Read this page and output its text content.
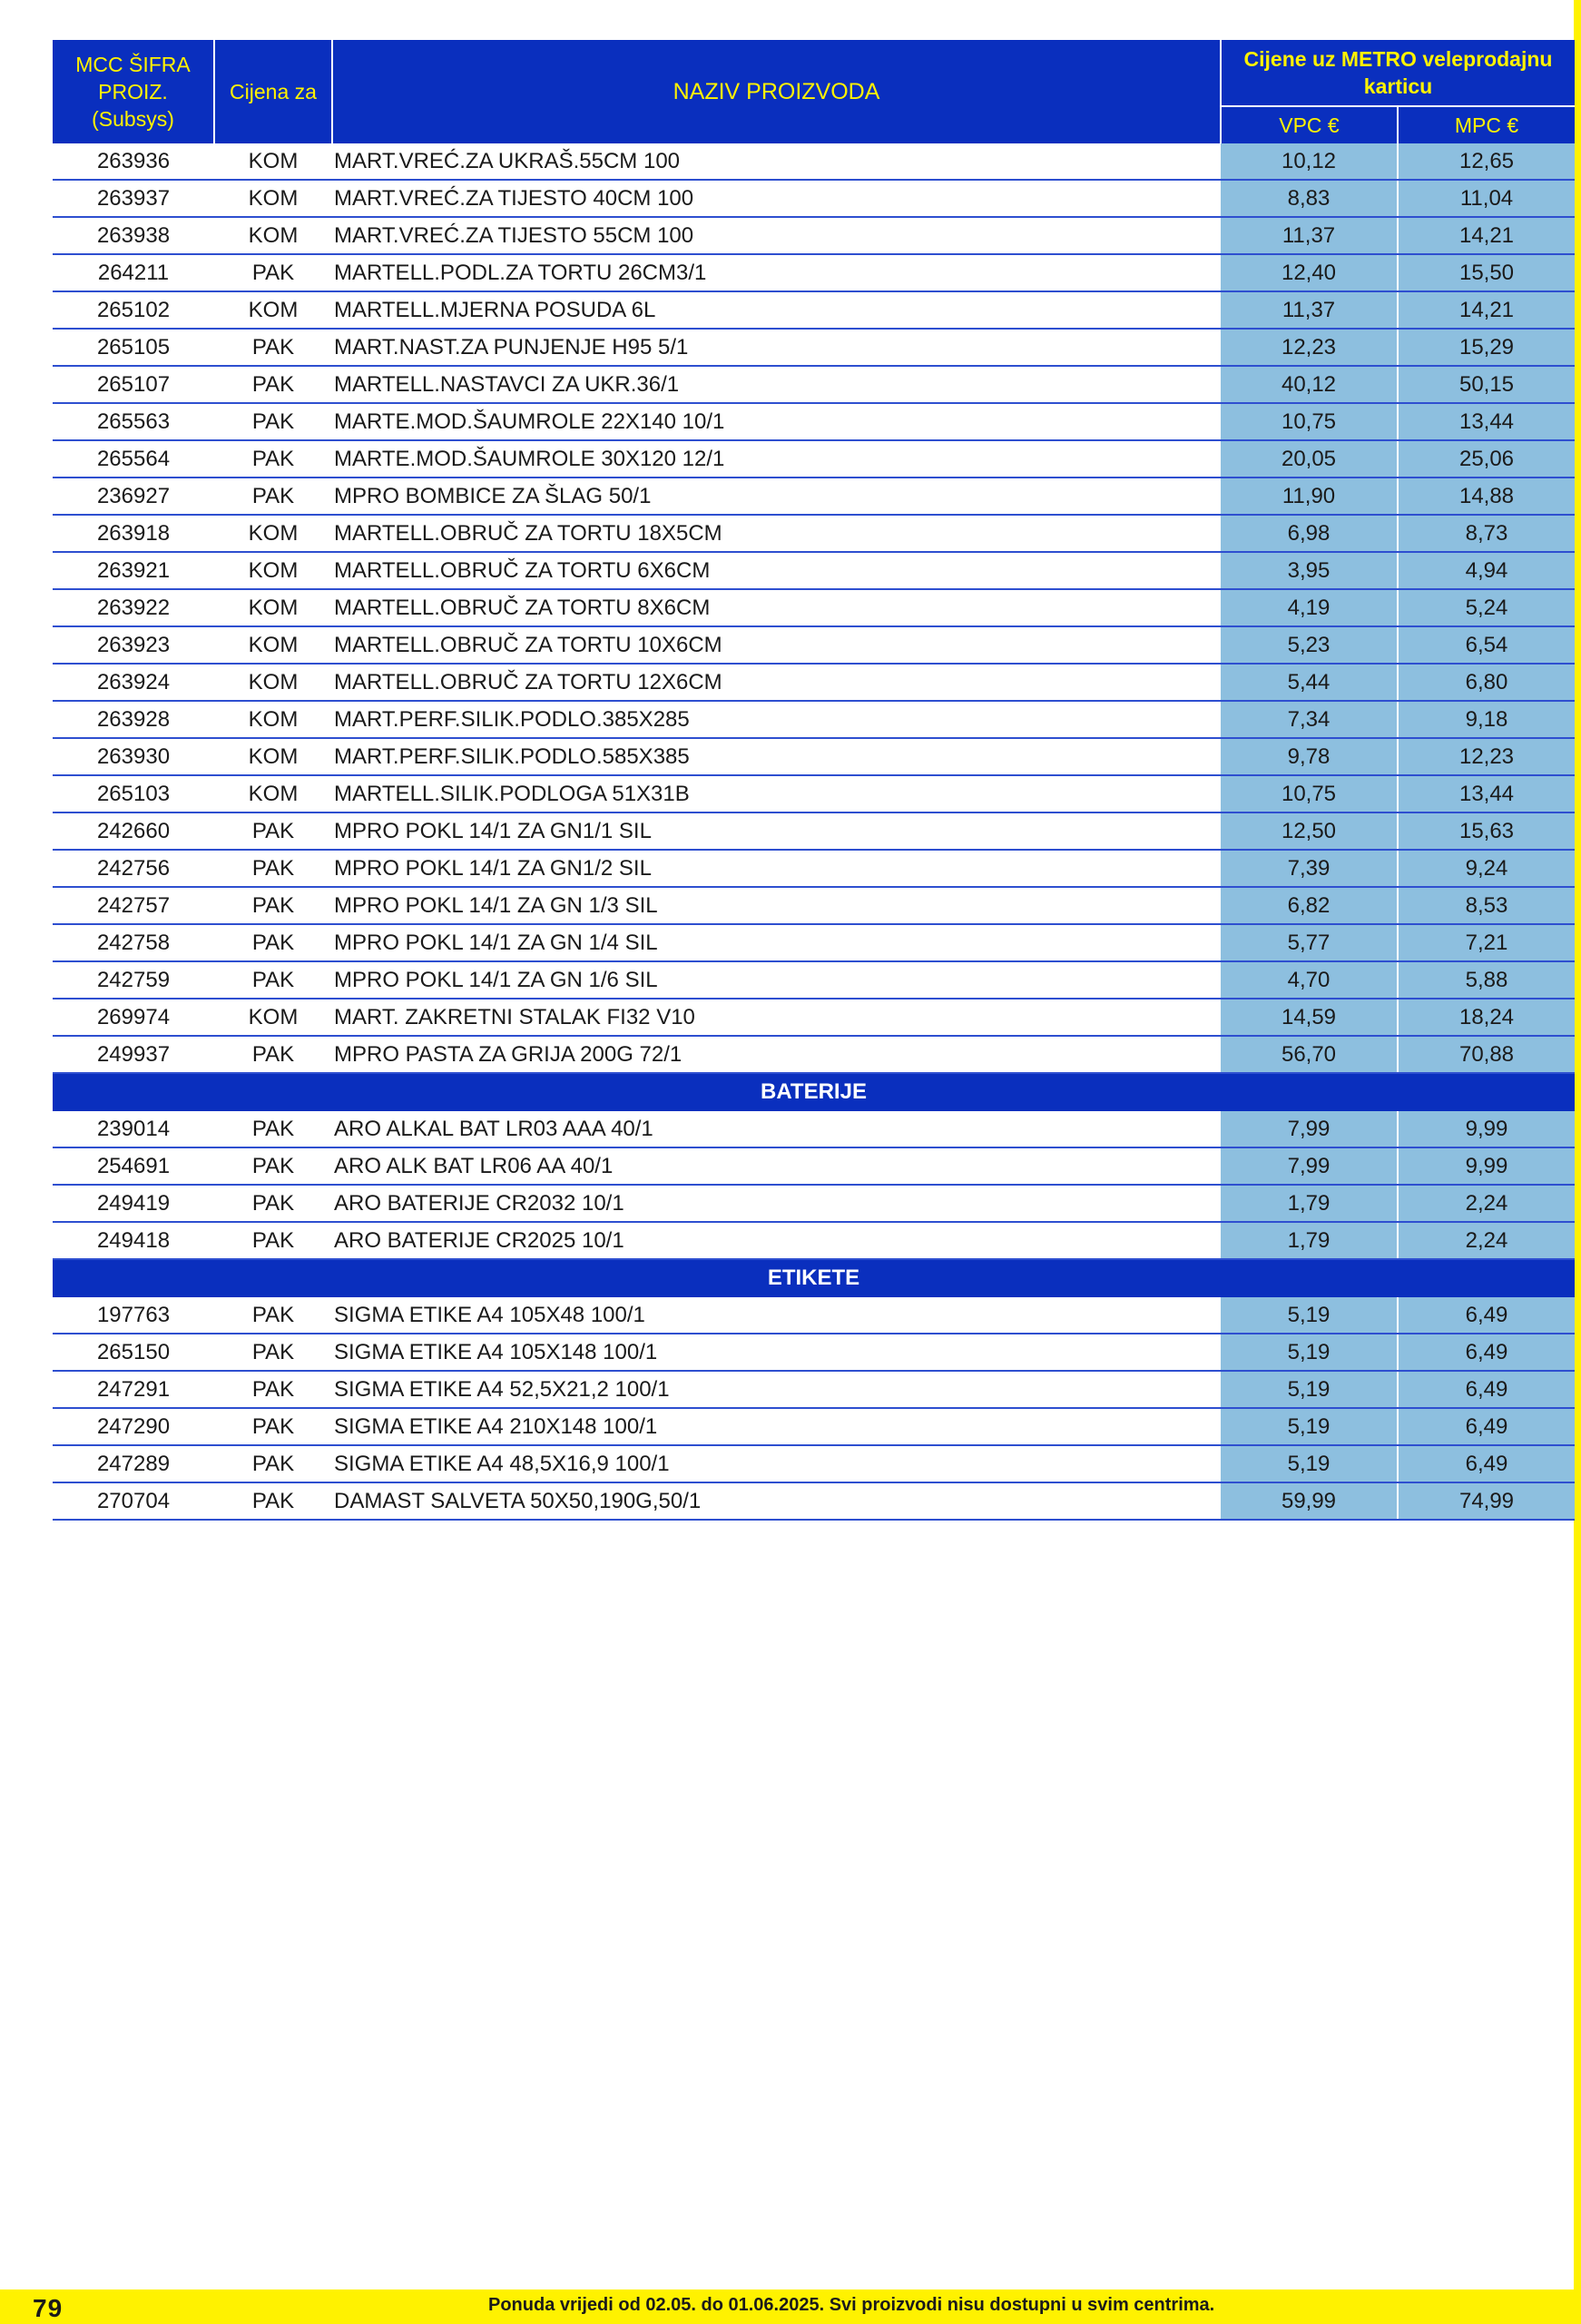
MCC ŠIFRA PROIZ.
(Subsys)	Cijena za	NAZIV PROIZVODA	Cijene uz METRO veleprodajnu karticu	
			VPC €	MPC €
263936	KOM	MART.VREĆ.ZA UKRAŠ.55CM 100	10,12	12,65
263937	KOM	MART.VREĆ.ZA TIJESTO 40CM 100	8,83	11,04
263938	KOM	MART.VREĆ.ZA TIJESTO 55CM 100	11,37	14,21
264211	PAK	MARTELL.PODL.ZA TORTU 26CM3/1	12,40	15,50
265102	KOM	MARTELL.MJERNA POSUDA 6L	11,37	14,21
265105	PAK	MART.NAST.ZA PUNJENJE H95 5/1	12,23	15,29
265107	PAK	MARTELL.NASTAVCI ZA UKR.36/1	40,12	50,15
265563	PAK	MARTE.MOD.ŠAUMROLE 22X140 10/1	10,75	13,44
265564	PAK	MARTE.MOD.ŠAUMROLE 30X120 12/1	20,05	25,06
236927	PAK	MPRO BOMBICE ZA ŠLAG 50/1	11,90	14,88
263918	KOM	MARTELL.OBRUČ ZA TORTU 18X5CM	6,98	8,73
263921	KOM	MARTELL.OBRUČ ZA TORTU 6X6CM	3,95	4,94
263922	KOM	MARTELL.OBRUČ ZA TORTU 8X6CM	4,19	5,24
263923	KOM	MARTELL.OBRUČ ZA TORTU 10X6CM	5,23	6,54
263924	KOM	MARTELL.OBRUČ ZA TORTU 12X6CM	5,44	6,80
263928	KOM	MART.PERF.SILIK.PODLO.385X285	7,34	9,18
263930	KOM	MART.PERF.SILIK.PODLO.585X385	9,78	12,23
265103	KOM	MARTELL.SILIK.PODLOGA 51X31B	10,75	13,44
242660	PAK	MPRO POKL 14/1 ZA GN1/1 SIL	12,50	15,63
242756	PAK	MPRO POKL 14/1 ZA GN1/2 SIL	7,39	9,24
242757	PAK	MPRO POKL 14/1 ZA GN 1/3 SIL	6,82	8,53
242758	PAK	MPRO POKL 14/1 ZA GN 1/4 SIL	5,77	7,21
242759	PAK	MPRO POKL 14/1 ZA GN 1/6 SIL	4,70	5,88
269974	KOM	MART. ZAKRETNI STALAK FI32 V10	14,59	18,24
249937	PAK	MPRO PASTA ZA GRIJA 200G 72/1	56,70	70,88
BATERIJE				
239014	PAK	ARO ALKAL BAT LR03 AAA 40/1	7,99	9,99
254691	PAK	ARO ALK BAT LR06 AA 40/1	7,99	9,99
249419	PAK	ARO BATERIJE CR2032 10/1	1,79	2,24
249418	PAK	ARO BATERIJE CR2025 10/1	1,79	2,24
ETIKETE				
197763	PAK	SIGMA ETIKE A4 105X48 100/1	5,19	6,49
265150	PAK	SIGMA ETIKE A4 105X148 100/1	5,19	6,49
247291	PAK	SIGMA ETIKE A4 52,5X21,2 100/1	5,19	6,49
247290	PAK	SIGMA ETIKE A4 210X148 100/1	5,19	6,49
247289	PAK	SIGMA ETIKE A4 48,5X16,9 100/1	5,19	6,49
270704	PAK	DAMAST SALVETA 50X50,190G,50/1	59,99	74,99
79	Ponuda vrijedi od 02.05. do 01.06.2025. Svi proizvodi nisu dostupni u svim centrima.
